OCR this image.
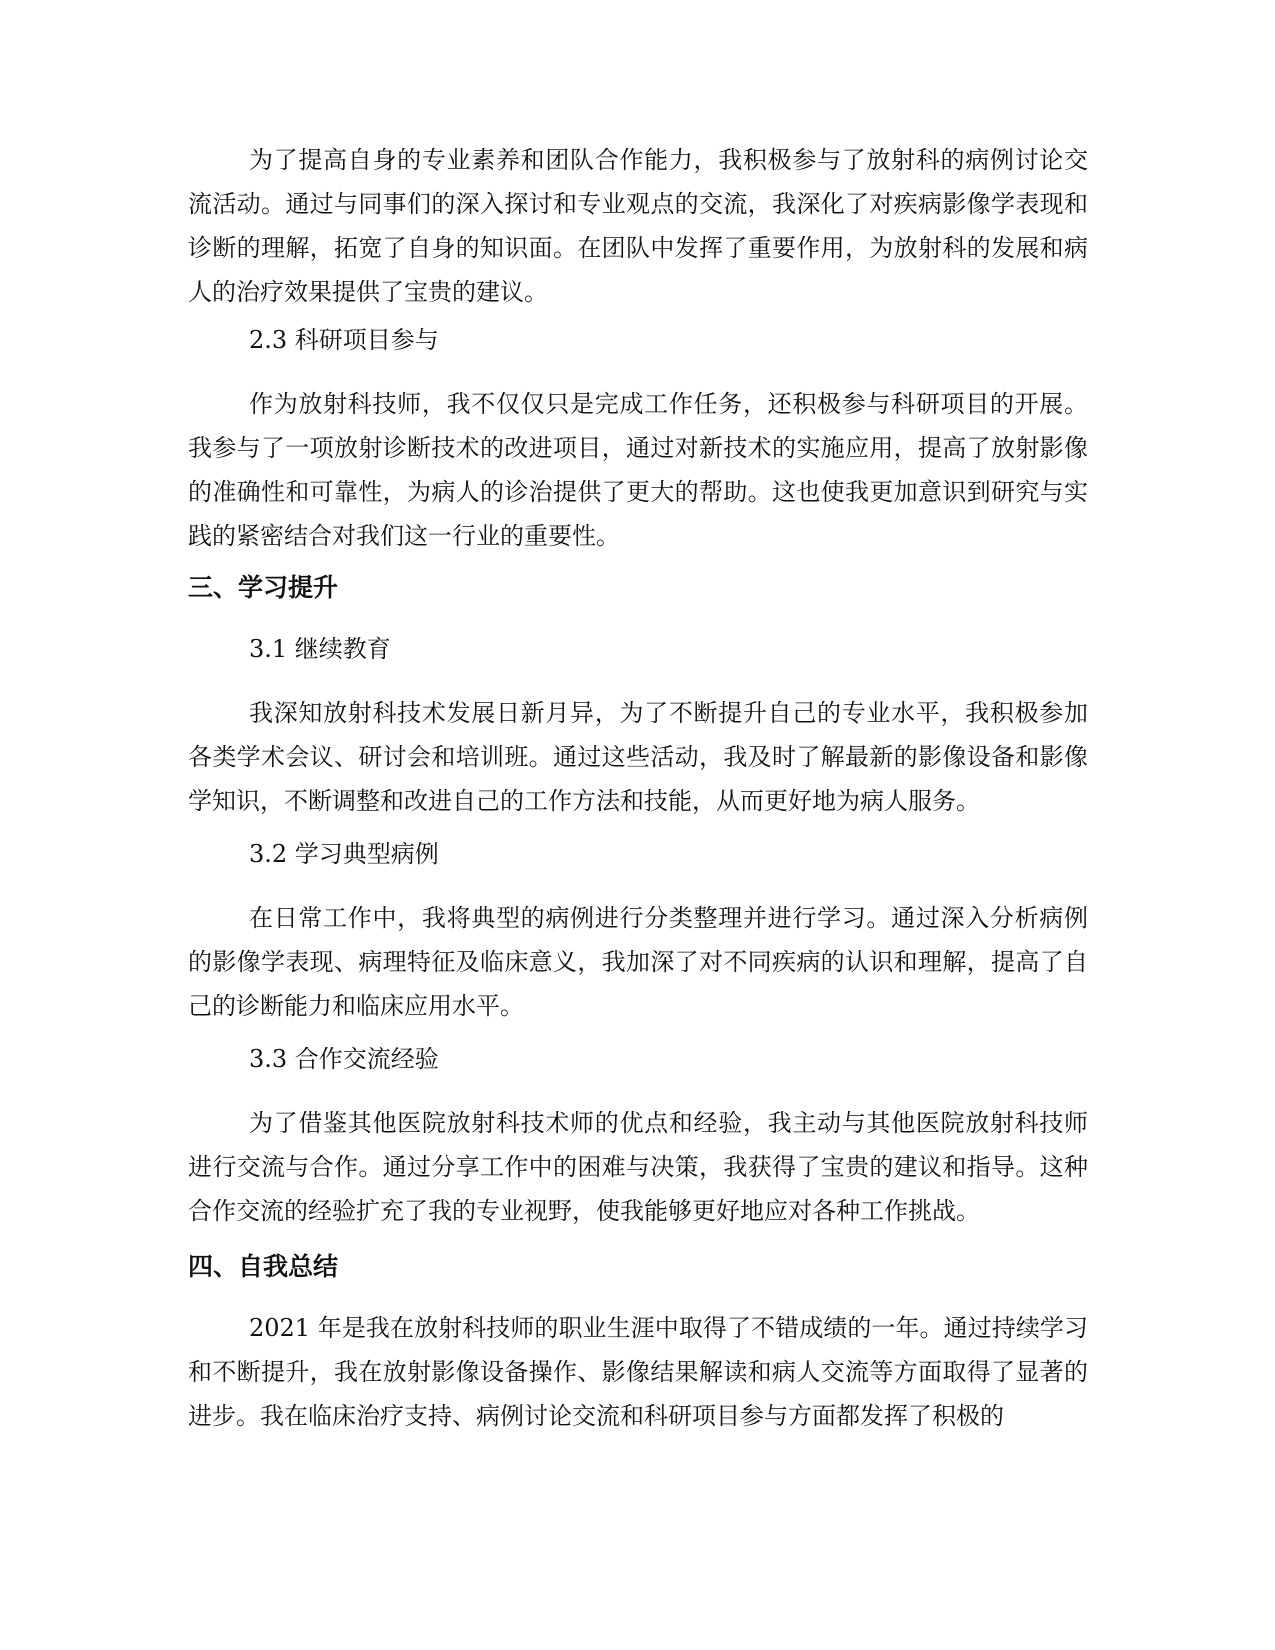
为了提高自身的专业素养和团队合作能力，我积极参与了放射科的病例讨论交流活动。通过与同事们的深入探讨和专业观点的交流，我深化了对疾病影像学表现和诊断的理解，拓宽了自身的知识面。在团队中发挥了重要作用，为放射科的发展和病人的治疗效果提供了宝贵的建议。

2.3 科研项目参与

作为放射科技师，我不仅仅只是完成工作任务，还积极参与科研项目的开展。我参与了一项放射诊断技术的改进项目，通过对新技术的实施应用，提高了放射影像的准确性和可靠性，为病人的诊治提供了更大的帮助。这也使我更加意识到研究与实践的紧密结合对我们这一行业的重要性。

三、学习提升

3.1 继续教育

我深知放射科技术发展日新月异，为了不断提升自己的专业水平，我积极参加各类学术会议、研讨会和培训班。通过这些活动，我及时了解最新的影像设备和影像学知识，不断调整和改进自己的工作方法和技能，从而更好地为病人服务。

3.2 学习典型病例

在日常工作中，我将典型的病例进行分类整理并进行学习。通过深入分析病例的影像学表现、病理特征及临床意义，我加深了对不同疾病的认识和理解，提高了自己的诊断能力和临床应用水平。

3.3 合作交流经验

为了借鉴其他医院放射科技术师的优点和经验，我主动与其他医院放射科技师进行交流与合作。通过分享工作中的困难与决策，我获得了宝贵的建议和指导。这种合作交流的经验扩充了我的专业视野，使我能够更好地应对各种工作挑战。

四、自我总结

2021 年是我在放射科技师的职业生涯中取得了不错成绩的一年。通过持续学习和不断提升，我在放射影像设备操作、影像结果解读和病人交流等方面取得了显著的进步。我在临床治疗支持、病例讨论交流和科研项目参与方面都发挥了积极的
